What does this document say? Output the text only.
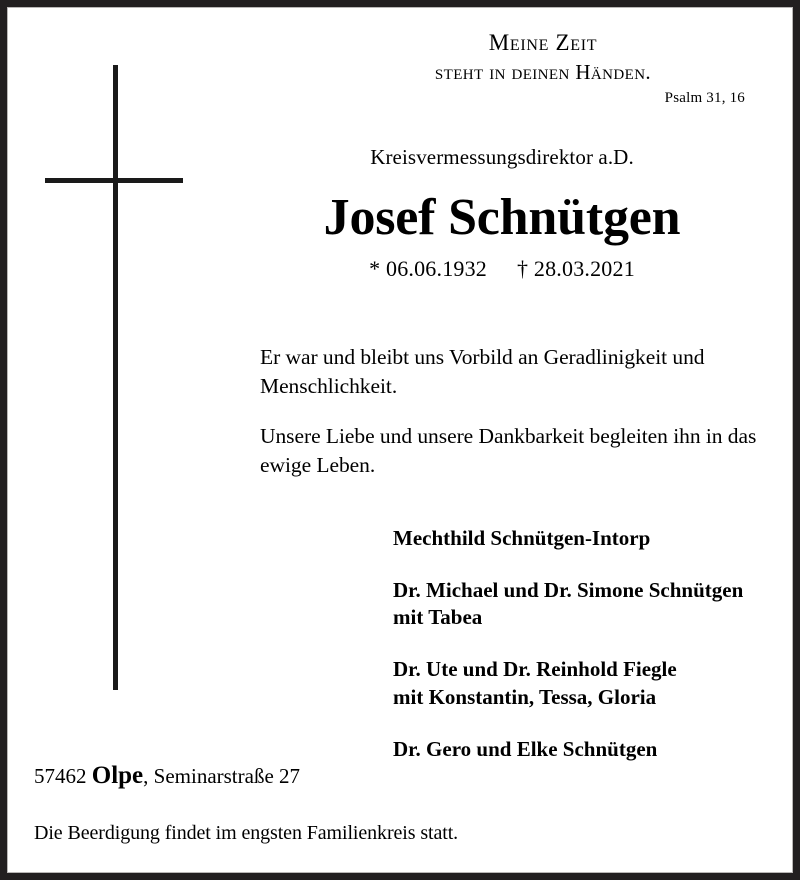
Meine Zeit
steht in deinen Händen.
Psalm 31, 16
Kreisvermessungsdirektor a.D.
Josef Schnütgen
* 06.06.1932 † 28.03.2021

Er war und bleibt uns Vorbild an Geradlinigkeit und Menschlichkeit.

Unsere Liebe und unsere Dankbarkeit begleiten ihn in das ewige Leben.

Mechthild Schnütgen-Intorp
Dr. Michael und Dr. Simone Schnütgen
mit Tabea
Dr. Ute und Dr. Reinhold Fiegle
mit Konstantin, Tessa, Gloria
Dr. Gero und Elke Schnütgen
57462 Olpe, Seminarstraße 27
Die Beerdigung findet im engsten Familienkreis statt.
